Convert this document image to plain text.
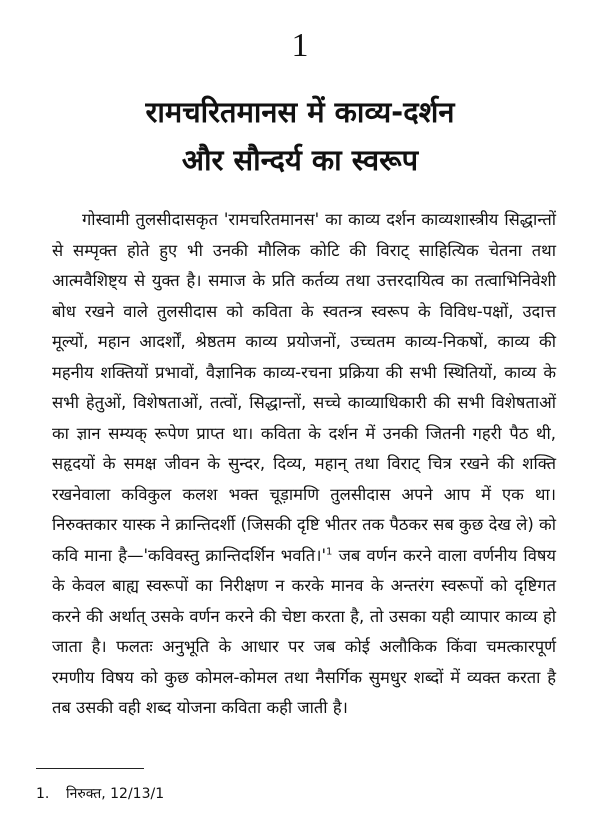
1
रामचरितमानस में काव्य-दर्शन
और सौन्दर्य का स्वरूप

गोस्वामी तुलसीदासकृत 'रामचरितमानस' का काव्य दर्शन काव्यशास्त्रीय सिद्धान्तों से सम्पृक्त होते हुए भी उनकी मौलिक कोटि की विराट् साहित्यिक चेतना तथा आत्मवैशिष्ट्य से युक्त है। समाज के प्रति कर्तव्य तथा उत्तरदायित्व का तत्वाभिनिवेशी बोध रखने वाले तुलसीदास को कविता के स्वतन्त्र स्वरूप के विविध-पक्षों, उदात्त मूल्यों, महान आदर्शों, श्रेष्ठतम काव्य प्रयोजनों, उच्चतम काव्य-निकषों, काव्य की महनीय शक्तियों प्रभावों, वैज्ञानिक काव्य-रचना प्रक्रिया की सभी स्थितियों, काव्य के सभी हेतुओं, विशेषताओं, तत्वों, सिद्धान्तों, सच्चे काव्याधिकारी की सभी विशेषताओं का ज्ञान सम्यक् रूपेण प्राप्त था। कविता के दर्शन में उनकी जितनी गहरी पैठ थी, सहृदयों के समक्ष जीवन के सुन्दर, दिव्य, महान् तथा विराट् चित्र रखने की शक्ति रखनेवाला कविकुल कलश भक्त चूड़ामणि तुलसीदास अपने आप में एक था। निरुक्तकार यास्क ने क्रान्तिदर्शी (जिसकी दृष्टि भीतर तक पैठकर सब कुछ देख ले) को कवि माना है—'कविवस्तु क्रान्तिदर्शिन $भवति।'^1$ जब वर्णन करने वाला वर्णनीय विषय के केवल बाह्य स्वरूपों का निरीक्षण न करके मानव के अन्तरंग स्वरूपों को दृष्टिगत करने की अर्थात् उसके वर्णन करने की चेष्टा करता है, तो उसका यही व्यापार काव्य हो जाता है। फलतः अनुभूति के आधार पर जब कोई अलौकिक किंवा चमत्कारपूर्ण रमणीय विषय को कुछ कोमल-कोमल तथा नैसर्गिक सुमधुर शब्दों में व्यक्त करता है तब उसकी वही शब्द योजना कविता कही जाती है।

1. निरुक्त, 12/13/1
